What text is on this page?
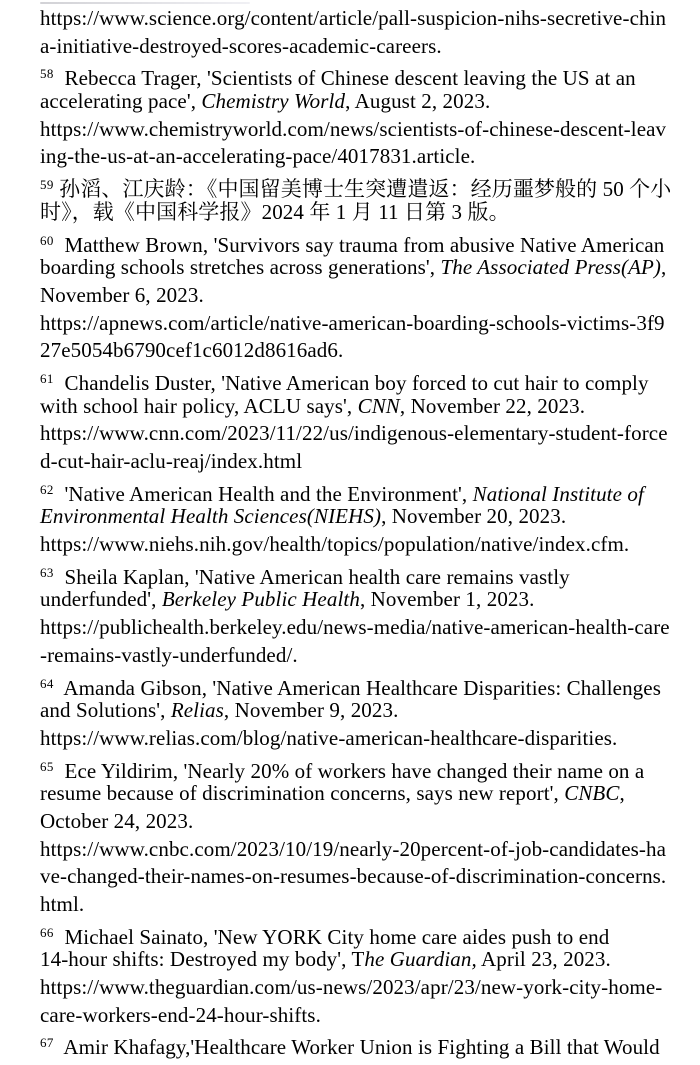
https://www.science.org/content/article/pall-suspicion-nihs-secretive-chin
a-initiative-destroyed-scores-academic-careers.
$^{58}$  Rebecca Trager, 'Scientists of Chinese descent leaving the US at an
accelerating pace', Chemistry World, August 2, 2023.
https://www.chemistryworld.com/news/scientists-of-chinese-descent-leav
ing-the-us-at-an-accelerating-pace/4017831.article.
$^{59}$ 孙滔、江庆龄：《中国留美博士生突遭遣返：经历噩梦般的 50 个小
时》，载《中国科学报》2024 年 1 月 11 日第 3 版。
$^{60}$  Matthew Brown, 'Survivors say trauma from abusive Native American
boarding schools stretches across generations', The Associated Press(AP),
November 6, 2023.
https://apnews.com/article/native-american-boarding-schools-victims-3f9
27e5054b6790cef1c6012d8616ad6.
$^{61}$  Chandelis Duster, 'Native American boy forced to cut hair to comply
with school hair policy, ACLU says', CNN, November 22, 2023.
https://www.cnn.com/2023/11/22/us/indigenous-elementary-student-force
d-cut-hair-aclu-reaj/index.html
$^{62}$  'Native American Health and the Environment', National Institute of
Environmental Health Sciences(NIEHS), November 20, 2023.
https://www.niehs.nih.gov/health/topics/population/native/index.cfm.
$^{63}$  Sheila Kaplan, 'Native American health care remains vastly
underfunded', Berkeley Public Health, November 1, 2023.
https://publichealth.berkeley.edu/news-media/native-american-health-care
-remains-vastly-underfunded/.
$^{64}$  Amanda Gibson, 'Native American Healthcare Disparities: Challenges
and Solutions', Relias, November 9, 2023.
https://www.relias.com/blog/native-american-healthcare-disparities.
$^{65}$  Ece Yildirim, 'Nearly 20% of workers have changed their name on a
resume because of discrimination concerns, says new report', CNBC,
October 24, 2023.
https://www.cnbc.com/2023/10/19/nearly-20percent-of-job-candidates-ha
ve-changed-their-names-on-resumes-because-of-discrimination-concerns.
html.
$^{66}$  Michael Sainato, 'New YORK City home care aides push to end
14-hour shifts: Destroyed my body', The Guardian, April 23, 2023.
https://www.theguardian.com/us-news/2023/apr/23/new-york-city-home-
care-workers-end-24-hour-shifts.
$^{67}$  Amir Khafagy,'Healthcare Worker Union is Fighting a Bill that Would
